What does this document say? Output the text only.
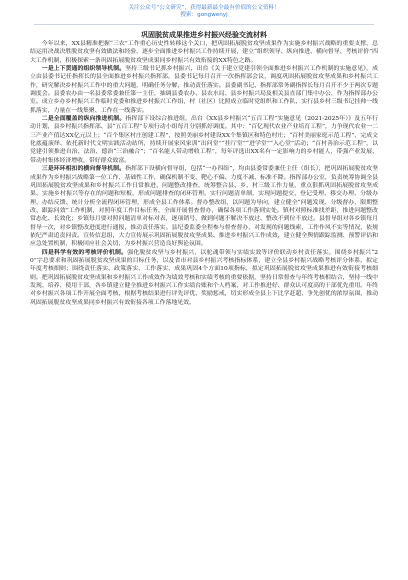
关注公众号“公文研究”，获得最新最全最有价值的公文资料！
搜索：gongwenyj
巩固脱贫成果推进乡村振兴经验交流材料

今年以来，XX县精准把握“三农”工作重心历史性转移这个关口，把巩固拓展脱贫攻坚成果作为实施乡村振兴战略的重要支撑，总结运用决战决胜脱贫攻坚有效做法和经验，逐步全面推进乡村振兴工作持续开展，建立“组织领导、纵向推进、横向督导、考核评价”四大工作机制，积极探索一条巩固拓展脱贫攻坚成果同乡村振兴有效衔接的XX特色之路。

一是上下贯通的组织领导机制。坚持三级书记抓乡村振兴，出台《关于建立党建引领全面推进乡村振兴工作机制的实施意见》，成立由县委书记任指挥长的县全面推进乡村振兴指挥部，县委书记每月召开一次指挥部会议，调度巩固拓展脱贫攻坚成果和乡村振兴工作，研究解决乡村振兴工作中的重大问题，明确任务分解，推动责任落实。县委副书记、指挥部常务副指挥长每月召开不少于两次专题调度会。县委农办由一名县委常委兼任第一主任，抽调县委农办、县农水局、县乡村振兴局及相关县直部门集中办公，作为指挥部办公室。成立乡办乡村振兴工作临时党委和推进乡村振兴工作组，村（社区）比照成立临时党组织和工作队，实行县乡村三级书记挂帅一线抓落实，力量在一线集聚、工作在一线落实。

二是全面覆盖的纵向推进机制。指挥部下设综合推进组，出台《XX县乡村振兴“五百工程”实施意见（2021-2025年）》及五年行动计划，县乡村振兴指挥部、县“五百工程”专项行动小组每月分别抓好调度。其中：“百亿现代农业产业培育工程”，力争现代农业一二三产业产值达XX亿元以上；“百个集区村庄创建工程”，按照美丽乡村建设XX个集镇区和特色村庄；“百村美丽家庭示范工程”，完成文化底蕴演绎、依托新时代文明实践活动站所，持续开展家风家训“出问堂”“挂厅堂”“进学堂”“入心堂”活动；“百村善治示范工程”，以党建引领推进自治、法治、德治“三治融合”；“百名能人带动增收工程”，每年评选出XX名有一定影响力的乡村能人，带强产业发展、带动村集体经济增收，带好群众致富。

三是环环相扣的横向督导机制。指挥部下设横向督导组，包括“一办四组”，均由县委常委兼任主任（组长），把巩固拓展脱贫攻坚成果作为乡村振兴战略第一位工作、基础性工作，确保机制不变、靶心不偏、力度不减、标准不降。指挥部办公室，负责统筹协调全县巩固拓展脱贫攻坚成果和乡村振兴工作日常推进、问题整改排查，统筹整合县、乡、村三级工作力量，重点狠抓巩固拓展脱贫攻坚成果、实施乡村振兴等存在的问题和短板，形成问题排查的闭环管理。实行问题清单制，实现问题提交、登记受理、移交办理、分级办理、办结反馈、统计分析全流程闭环管理，形成全县工作体系。督办整改组，以问题为导向，建立健全“问题发现、分级督办、限期整改、跟踪问效”工作机制，对照年度工作目标任务，全面开展督查督办，确保各项工作落到实处。镇村对照标准找差距，推进问题整改常态化、长效化；乡镇每月要对照问题清单对标对表，逐项销号，做到问题不解决不放过、整改不到位不放过。县督导组对各乡镇每月督导一次，对乡镇整改进度进行通报，推动责任落实。县纪委监委全程参与督查督办，对发现的问题线索、工作作风不实等情况，依规依纪严肃追责问责。宣传信息组，大力宣传展示巩固拓展脱贫攻坚成果、推进乡村振兴工作成效，建立健全舆情跟踪监测、预警评估和应急处置机制，积极回应社会关切，为乡村振兴营造良好舆论氛围。

四是科学有效的考核评价机制。强化脱贫攻坚与乡村振兴，以驼魂带领与实绩实效等评价联动乡村责任落实。围绕乡村振兴“20”字总要求和巩固拓展脱贫攻坚成果的目标任务，以及省市对县乡村振兴考核指标体系，建立全县乡村振兴战略考核评分体系，拟定年度考核细则；围绕责任落实、政策落实、工作落实、成果巩固4个方面10项指标，拟定巩固拓展脱贫攻坚成果推进有效衔接考核细则。把巩固拓展脱贫攻坚成果和乡村振兴工作成效作为绩效考核和实绩考核的重要依据，坚持日常督查与年终考核相结合，坚持一线中发现、培养、使用干部，各乡镇建立健全推进乡村振兴工作实绩台账和个人档案，对工作推进好、群众认可度高的干部优先重用。年终对乡村振兴各项工作开展全面考核，根据考核结果进行评先评优、奖励惩戒，切实形成全县上下比学赶超、争先创优的浓厚氛围，推动巩固拓展脱贫攻坚成果同乡村振兴有效衔接各项工作落地见效。
